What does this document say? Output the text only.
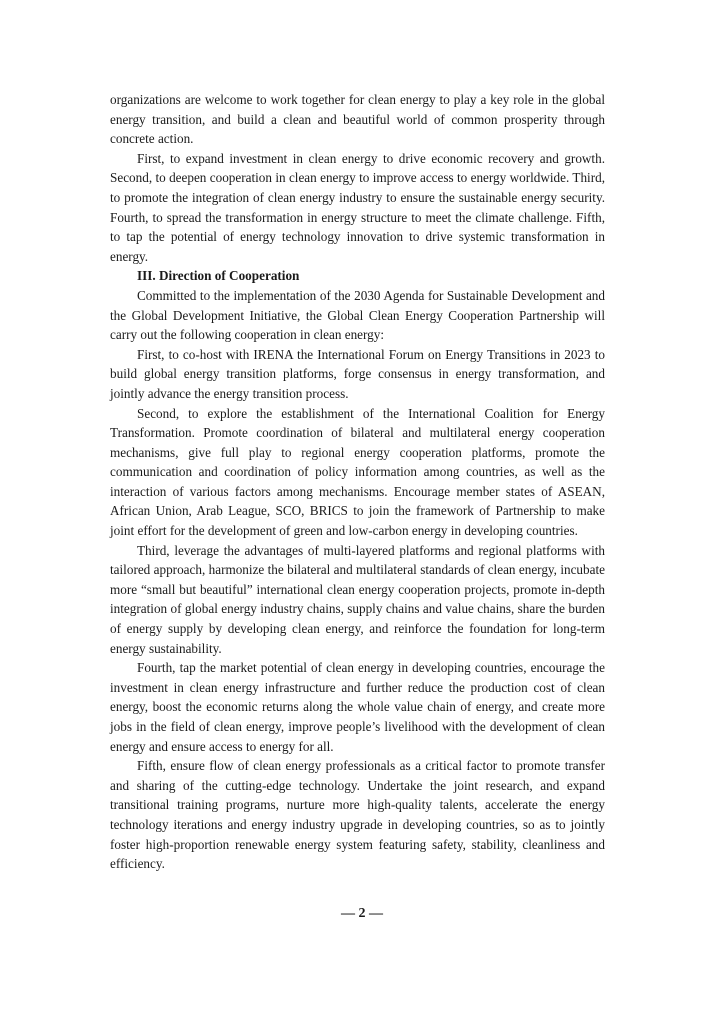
organizations are welcome to work together for clean energy to play a key role in the global energy transition, and build a clean and beautiful world of common prosperity through concrete action.

First, to expand investment in clean energy to drive economic recovery and growth. Second, to deepen cooperation in clean energy to improve access to energy worldwide. Third, to promote the integration of clean energy industry to ensure the sustainable energy security. Fourth, to spread the transformation in energy structure to meet the climate challenge. Fifth, to tap the potential of energy technology innovation to drive systemic transformation in energy.

III. Direction of Cooperation

Committed to the implementation of the 2030 Agenda for Sustainable Development and the Global Development Initiative, the Global Clean Energy Cooperation Partnership will carry out the following cooperation in clean energy:

First, to co-host with IRENA the International Forum on Energy Transitions in 2023 to build global energy transition platforms, forge consensus in energy transformation, and jointly advance the energy transition process.

Second, to explore the establishment of the International Coalition for Energy Transformation. Promote coordination of bilateral and multilateral energy cooperation mechanisms, give full play to regional energy cooperation platforms, promote the communication and coordination of policy information among countries, as well as the interaction of various factors among mechanisms. Encourage member states of ASEAN, African Union, Arab League, SCO, BRICS to join the framework of Partnership to make joint effort for the development of green and low-carbon energy in developing countries.

Third, leverage the advantages of multi-layered platforms and regional platforms with tailored approach, harmonize the bilateral and multilateral standards of clean energy, incubate more “small but beautiful” international clean energy cooperation projects, promote in-depth integration of global energy industry chains, supply chains and value chains, share the burden of energy supply by developing clean energy, and reinforce the foundation for long-term energy sustainability.

Fourth, tap the market potential of clean energy in developing countries, encourage the investment in clean energy infrastructure and further reduce the production cost of clean energy, boost the economic returns along the whole value chain of energy, and create more jobs in the field of clean energy, improve people’s livelihood with the development of clean energy and ensure access to energy for all.

Fifth, ensure flow of clean energy professionals as a critical factor to promote transfer and sharing of the cutting-edge technology. Undertake the joint research, and expand transitional training programs, nurture more high-quality talents, accelerate the energy technology iterations and energy industry upgrade in developing countries, so as to jointly foster high-proportion renewable energy system featuring safety, stability, cleanliness and efficiency.

— 2 —
